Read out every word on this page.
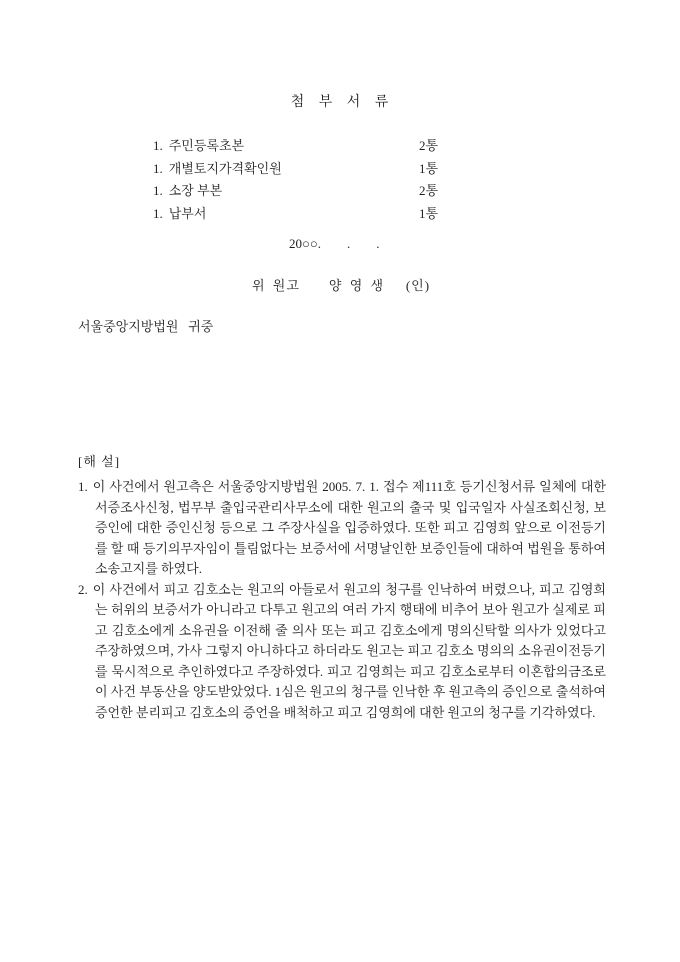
첨 부 서 류
1. 주민등록초본	2통
1. 개별토지가격확인원	1통
1. 소장 부본	2통
1. 납부서	1통
20○○.        .        .
위 원고    양 영 생   (인)
서울중앙지방법원   귀중
[해 설]
1. 이 사건에서 원고측은 서울중앙지방법원 2005. 7. 1. 접수 제111호 등기신청서류 일체에 대한 서증조사신청, 법무부 출입국관리사무소에 대한 원고의 출국 및 입국일자 사실조회신청, 보증인에 대한 증인신청 등으로 그 주장사실을 입증하였다. 또한 피고 김영희 앞으로 이전등기를 할 때 등기의무자임이 틀림없다는 보증서에 서명날인한 보증인들에 대하여 법원을 통하여 소송고지를 하였다.
2. 이 사건에서 피고 김호소는 원고의 아들로서 원고의 청구를 인낙하여 버렸으나, 피고 김영희는 허위의 보증서가 아니라고 다투고 원고의 여러 가지 행태에 비추어 보아 원고가 실제로 피고 김호소에게 소유권을 이전해 줄 의사 또는 피고 김호소에게 명의신탁할 의사가 있었다고 주장하였으며, 가사 그렇지 아니하다고 하더라도 원고는 피고 김호소 명의의 소유권이전등기를 묵시적으로 추인하였다고 주장하였다. 피고 김영희는 피고 김호소로부터 이혼합의금조로 이 사건 부동산을 양도받았었다. 1심은 원고의 청구를 인낙한 후 원고측의 증인으로 출석하여 증언한 분리피고 김호소의 증언을 배척하고 피고 김영희에 대한 원고의 청구를 기각하였다.
